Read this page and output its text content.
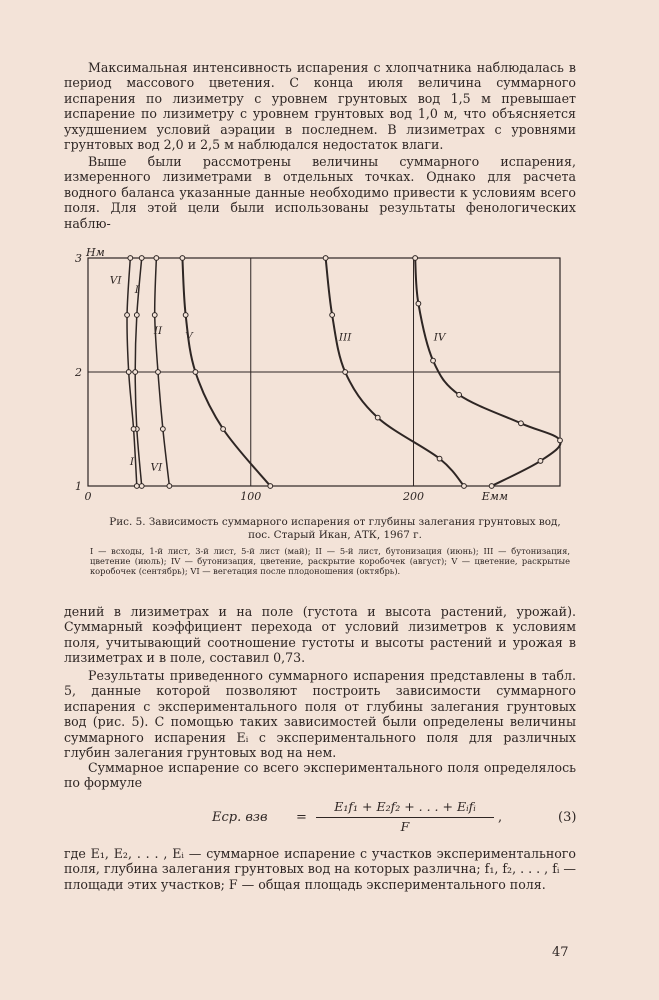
Максимальная интенсивность испарения с хлопчатника наблюдалась в период массового цветения. С конца июля величина суммарного испарения по лизиметру с уровнем грунтовых вод 1,5 м превышает испарение по лизиметру с уровнем грунтовых вод 1,0 м, что объясняется ухудшением условий аэрации в последнем. В лизиметрах с уровнями грунтовых вод 2,0 и 2,5 м наблюдался недостаток влаги.

Выше были рассмотрены величины суммарного испарения, измеренного лизиметрами в отдельных точках. Однако для расчета водного баланса указанные данные необходимо привести к условиям всего поля. Для этой цели были использованы результаты фенологических наблю-

1
2
3
0	100	200
Нм
Емм
I
I
II V
VI
VI
III	IV

Рис. 5. Зависимость суммарного испарения от глубины залегания грунтовых вод, пос. Старый Икан, АТК, 1967 г.

I — всходы, 1-й лист, 3-й лист, 5-й лист (май); II — 5-й лист, бутонизация (июнь); III — бутонизация, цветение (июль); IV — бутонизация, цветение, раскрытие коробочек (август); V — цветение, раскрытые коробочек (сентябрь); VI — вегетация после плодоношения (октябрь).

дений в лизиметрах и на поле (густота и высота растений, урожай). Суммарный коэффициент перехода от условий лизиметров к условиям поля, учитывающий соотношение густоты и высоты растений и урожая в лизиметрах и в поле, составил 0,73.

Результаты приведенного суммарного испарения представлены в табл. 5, данные которой позволяют построить зависимости суммарного испарения с экспериментального поля от глубины залегания грунтовых вод (рис. 5). С помощью таких зависимостей были определены величины суммарного испарения Eᵢ с экспериментального поля для различных глубин залегания грунтовых вод на нем.

Суммарное испарение со всего экспериментального поля определялось по формуле

Eср. взв =
E₁f₁ + E₂f₂ + . . . + Eᵢfᵢ
F
,	(3)

где E₁, E₂, . . . , Eᵢ — суммарное испарение с участков экспериментального поля, глубина залегания грунтовых вод на которых различна; f₁, f₂, . . . , fᵢ — площади этих участков; F — общая площадь экспериментального поля.

47
